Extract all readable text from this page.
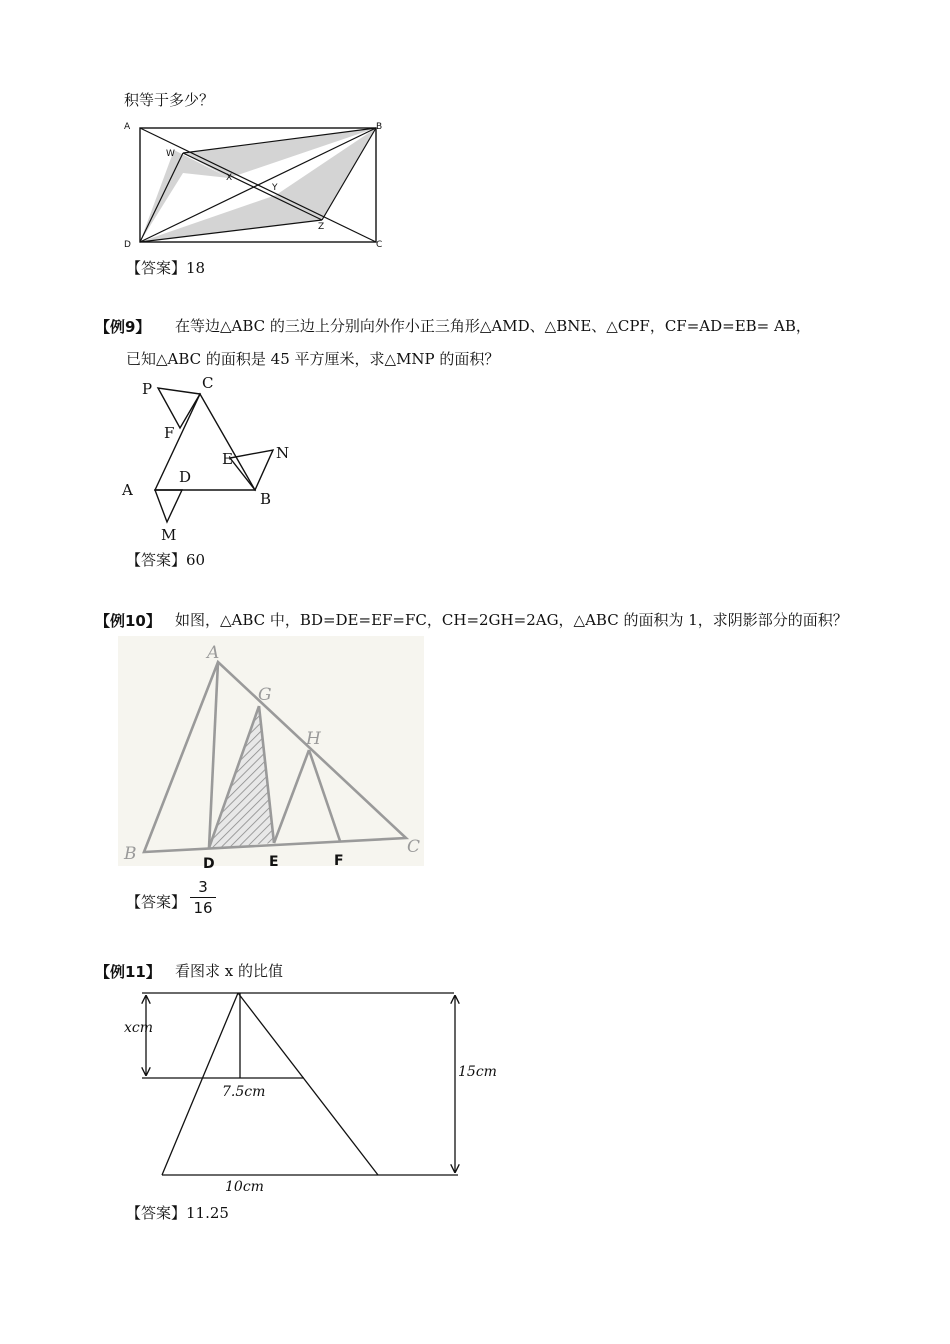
积等于多少？
A	B
C
D
W
X
Y
Z
【答案】18
【例9】 在等边△ABC 的三边上分别向外作小正三角形△AMD、△BNE、△CPF，CF=AD=EB= AB，
已知△ABC 的面积是 45 平方厘米，求△MNP 的面积？
P	C
F
E	N
A
D
B
M
【答案】60
【例10】 如图，△ABC 中，BD=DE=EF=FC，CH=2GH=2AG，△ABC 的面积为 1，求阴影部分的面积？
A
G
H
B	C
D	E	F
【答案】
3
16
【例11】 看图求 x 的比值
xcm
7.5cm
15cm
10cm
【答案】11.25
